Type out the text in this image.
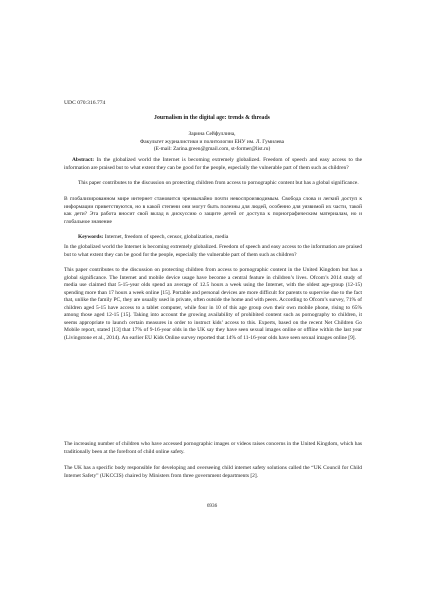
UDC 070:316.774
Journalism in the digital age: trends & threads
Зарина Сейфуллина,
Факультет журналистики и политологии ЕНУ им. Л. Гумилева
(E-mail: Zarina.green@gmail.com, st-former@list.ru)
Abstract: In the globalized world the Internet is becoming extremely globalized. Freedom of speech and easy access to the information are praised but to what extent they can be good for the people, especially the vulnerable part of them such as children?
This paper contributes to the discussion on protecting children from access to pornographic content but has a global significance.
В глобализированном мире интернет становится чрезвычайно почти невоспроизводимым. Свобода слова и легкий доступ к информации приветствуются, но в какой степени они могут быть полезны для людей, особенно для уязвимой их части, такой как дети? Эта работа вносит свой вклад в дискуссию о защите детей от доступа к порнографическим материалам, но и глобальное значение
Keywords: Internet, freedom of speech, censor, globalization, media
In the globalized world the Internet is becoming extremely globalized. Freedom of speech and easy access to the information are praised but to what extent they can be good for the people, especially the vulnerable part of them such as children?
This paper contributes to the discussion on protecting children from access to pornographic content in the United Kingdom but has a global significance. The Internet and mobile device usage have become a central feature in children’s lives. Ofcom’s 2014 study of media use claimed that 5-15-year olds spend an average of 12.5 hours a week using the Internet, with the oldest age-group (12-15) spending more than 17 hours a week online [15]. Portable and personal devices are more difficult for parents to supervise due to the fact that, unlike the family PC, they are usually used in private, often outside the home and with peers. According to Ofcom’s survey, 71% of children aged 5-15 have access to a tablet computer, while four in 10 of this age group own their own mobile phone, rising to 65% among those aged 12-15 [15]. Taking into account the growing availability of prohibited content such as pornography to children, it seems appropriate to launch certain measures in order to instruct kids’ access to this. Experts, based on the recent Net Children Go Mobile report, stated [13] that 17% of 9-16-year olds in the UK say they have seen sexual images online or offline within the last year (Livingstone et al., 2014). An earlier EU Kids Online survey reported that 14% of 11-16-year olds have seen sexual images online [9].
The increasing number of children who have accessed pornographic images or videos raises concerns in the United Kingdom, which has traditionally been at the forefront of child online safety.
The UK has a specific body responsible for developing and overseeing child internet safety solutions called the “UK Council for Child Internet Safety” (UKCCIS) chaired by Ministers from three government departments [2].
6936
